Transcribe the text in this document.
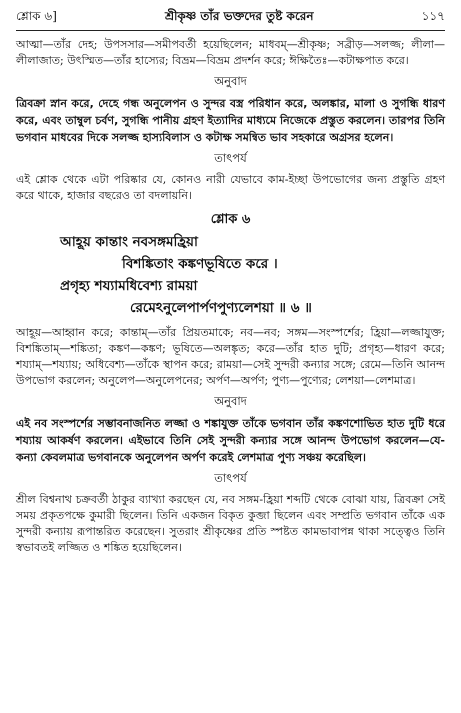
শ্লোক ৬]	শ্রীকৃষ্ণ তাঁর ভক্তদের তুষ্ট করেন	১১৭

আত্মা—তাঁর দেহ; উপসসার—সমীপবর্তী হয়েছিলেন; মাধবম্—শ্রীকৃষ্ণ; সব্রীড়—সলজ্জ; লীলা—লীলাজাত; উৎস্মিত—তাঁর হাস্যের; বিভ্রম—বিভ্রম প্রদর্শন করে; ঈক্ষিতৈঃ—কটাক্ষপাত করে।

অনুবাদ

ত্রিবক্রা স্নান করে, দেহে গন্ধ অনুলেপন ও সুন্দর বস্ত্র পরিধান করে, অলঙ্কার, মালা ও সুগন্ধি ধারণ করে, এবং তাম্বুল চর্বণ, সুগন্ধি পানীয় গ্রহণ ইত্যাদির মাধ্যমে নিজেকে প্রস্তুত করলেন। তারপর তিনি ভগবান মাধবের দিকে সলজ্জ হাস্যবিলাস ও কটাক্ষ সমন্বিত ভাব সহকারে অগ্রসর হলেন।

তাৎপর্য

এই শ্লোক থেকে এটা পরিষ্কার যে, কোনও নারী যেভাবে কাম-ইচ্ছা উপভোগের জন্য প্রস্তুতি গ্রহণ করে থাকে, হাজার বছরেও তা বদলায়নি।

শ্লোক ৬
আহূয় কান্তাং নবসঙ্গমহ্রিয়া
বিশঙ্কিতাং কঙ্কণভূষিতে করে ।
প্রগৃহ্য শয্যামধিবেশ্য রাময়া
রেমেঽনুলেপার্পণপুণ্যলেশয়া ॥ ৬ ॥

আহূয়—আহ্বান করে; কান্তাম্—তাঁর প্রিয়তমাকে; নব—নব; সঙ্গম—সংস্পর্শের; হ্রিয়া—লজ্জাযুক্ত; বিশঙ্কিতাম্—শঙ্কিতা; কঙ্কণ—কঙ্কণ; ভূষিতে—অলঙ্কৃত; করে—তাঁর হাত দুটি; প্রগৃহ্য—ধারণ করে; শয্যাম্—শয্যায়; অধিবেশ্য—তাঁকে স্থাপন করে; রাময়া—সেই সুন্দরী কন্যার সঙ্গে; রেমে—তিনি আনন্দ উপভোগ করলেন; অনুলেপ—অনুলেপনের; অর্পণ—অর্পণ; পুণ্য—পুণ্যের; লেশয়া—লেশমাত্র।

অনুবাদ

এই নব সংস্পর্শের সম্ভাবনাজনিত লজ্জা ও শঙ্কাযুক্ত তাঁকে ভগবান তাঁর কঙ্কণশোভিত হাত দুটি ধরে শয্যায় আকর্ষণ করলেন। এইভাবে তিনি সেই সুন্দরী কন্যার সঙ্গে আনন্দ উপভোগ করলেন—যে-কন্যা কেবলমাত্র ভগবানকে অনুলেপন অর্পণ করেই লেশমাত্র পুণ্য সঞ্চয় করেছিল।

তাৎপর্য

শ্রীল বিশ্বনাথ চক্রবর্তী ঠাকুর ব্যাখ্যা করছেন যে, নব সঙ্গম-হ্রিয়া শব্দটি থেকে বোঝা যায়, ত্রিবক্রা সেই সময় প্রকৃতপক্ষে কুমারী ছিলেন। তিনি একজন বিকৃত কুব্জা ছিলেন এবং সম্প্রতি ভগবান তাঁকে এক সুন্দরী কন্যায় রূপান্তরিত করেছেন। সুতরাং শ্রীকৃষ্ণের প্রতি স্পষ্টত কামভাবাপন্ন থাকা সত্ত্বেও তিনি স্বভাবতই লজ্জিত ও শঙ্কিত হয়েছিলেন।
